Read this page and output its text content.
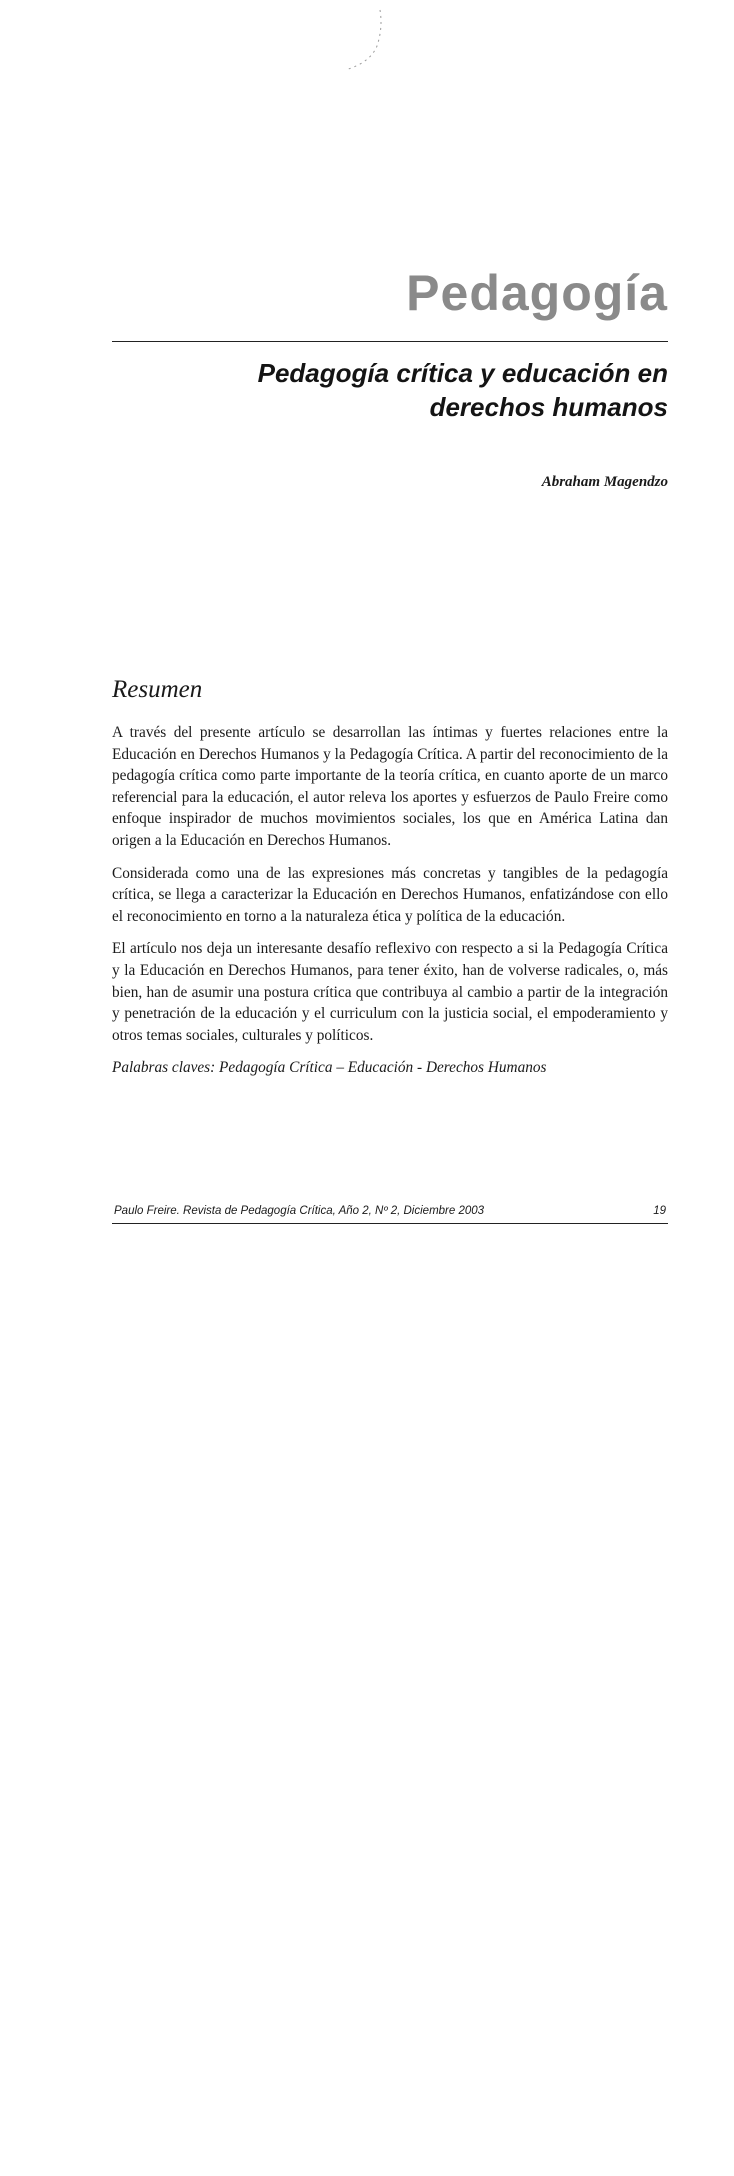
Pedagogía
Pedagogía crítica y educación en derechos humanos

Abraham Magendzo

Resumen

A través del presente artículo se desarrollan las íntimas y fuertes relaciones entre la Educación en Derechos Humanos y la Pedagogía Crítica. A partir del reconocimiento de la pedagogía crítica como parte importante de la teoría crítica, en cuanto aporte de un marco referencial para la educación, el autor releva los aportes y esfuerzos de Paulo Freire como enfoque inspirador de muchos movimientos sociales, los que en América Latina dan origen a la Educación en Derechos Humanos.

Considerada como una de las expresiones más concretas y tangibles de la pedagogía crítica, se llega a caracterizar la Educación en Derechos Humanos, enfatizándose con ello el reconocimiento en torno a la naturaleza ética y política de la educación.

El artículo nos deja un interesante desafío reflexivo con respecto a si la Pedagogía Crítica y la Educación en Derechos Humanos, para tener éxito, han de volverse radicales, o, más bien, han de asumir una postura crítica que contribuya al cambio a partir de la integración y penetración de la educación y el curriculum con la justicia social, el empoderamiento y otros temas sociales, culturales y políticos.

Palabras claves: Pedagogía Crítica – Educación - Derechos Humanos

Paulo Freire. Revista de Pedagogía Crítica, Año 2, Nº 2, Diciembre 2003	19
